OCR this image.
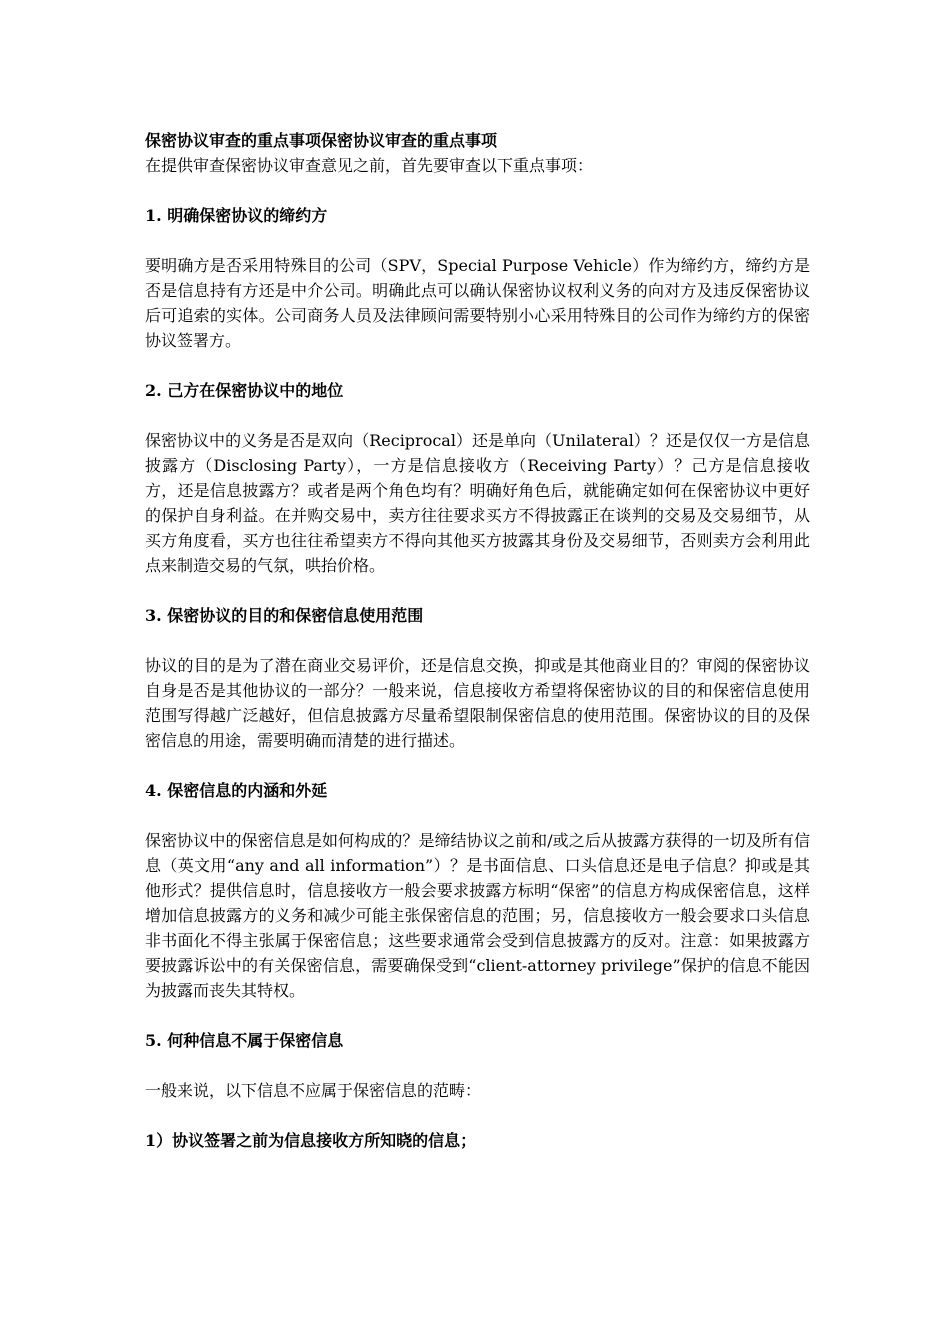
保密协议审查的重点事项保密协议审查的重点事项

在提供审查保密协议审查意见之前，首先要审查以下重点事项：

1. 明确保密协议的缔约方

要明确方是否采用特殊目的公司（SPV，Special Purpose Vehicle）作为缔约方，缔约方是否是信息持有方还是中介公司。明确此点可以确认保密协议权利义务的向对方及违反保密协议后可追索的实体。公司商务人员及法律顾问需要特别小心采用特殊目的公司作为缔约方的保密协议签署方。

2. 己方在保密协议中的地位

保密协议中的义务是否是双向（Reciprocal）还是单向（Unilateral）？还是仅仅一方是信息披露方（Disclosing Party），一方是信息接收方（Receiving Party）？己方是信息接收方，还是信息披露方？或者是两个角色均有？明确好角色后，就能确定如何在保密协议中更好的保护自身利益。在并购交易中，卖方往往要求买方不得披露正在谈判的交易及交易细节，从买方角度看，买方也往往希望卖方不得向其他买方披露其身份及交易细节，否则卖方会利用此点来制造交易的气氛，哄抬价格。

3. 保密协议的目的和保密信息使用范围

协议的目的是为了潜在商业交易评价，还是信息交换，抑或是其他商业目的？审阅的保密协议自身是否是其他协议的一部分？一般来说，信息接收方希望将保密协议的目的和保密信息使用范围写得越广泛越好，但信息披露方尽量希望限制保密信息的使用范围。保密协议的目的及保密信息的用途，需要明确而清楚的进行描述。

4. 保密信息的内涵和外延

保密协议中的保密信息是如何构成的？是缔结协议之前和/或之后从披露方获得的一切及所有信息（英文用“any and all information”）？是书面信息、口头信息还是电子信息？抑或是其他形式？提供信息时，信息接收方一般会要求披露方标明“保密”的信息方构成保密信息，这样增加信息披露方的义务和减少可能主张保密信息的范围；另，信息接收方一般会要求口头信息非书面化不得主张属于保密信息；这些要求通常会受到信息披露方的反对。注意：如果披露方要披露诉讼中的有关保密信息，需要确保受到“client-attorney privilege”保护的信息不能因为披露而丧失其特权。

5. 何种信息不属于保密信息

一般来说，以下信息不应属于保密信息的范畴：

1）协议签署之前为信息接收方所知晓的信息；
